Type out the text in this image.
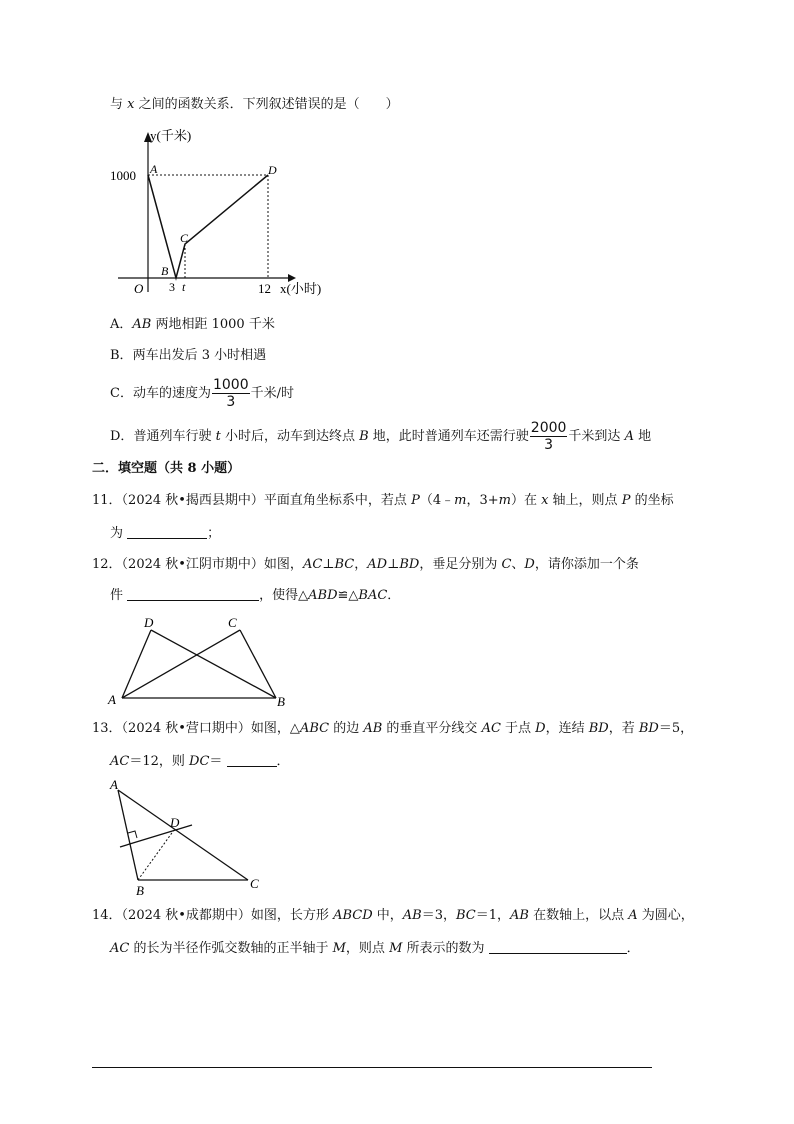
与 x 之间的函数关系．下列叙述错误的是（　　）
y(千米)
x(小时)
1000
O 3 t	12
A
B
C
D
A．AB 两地相距 1000 千米
B．两车出发后 3 小时相遇
C．动车的速度为 $\frac{1000}{3}$ 千米/时
D．普通列车行驶 t 小时后，动车到达终点 B 地，此时普通列车还需行驶 $\frac{2000}{3}$ 千米到达 A 地
二．填空题（共 8 小题）
11．（2024 秋•揭西县期中）平面直角坐标系中，若点 P（4﹣m，3+m）在 x 轴上，则点 P 的坐标
为	；
12．（2024 秋•江阴市期中）如图，AC⊥BC，AD⊥BD，垂足分别为 C、D，请你添加一个条
件	，使得△ABD≌△BAC．
D	C
A	B
13．（2024 秋•营口期中）如图，△ABC 的边 AB 的垂直平分线交 AC 于点 D，连结 BD，若 BD＝5，
AC＝12，则 DC＝	．
A
D
B	C
14．（2024 秋•成都期中）如图，长方形 ABCD 中，AB＝3，BC＝1，AB 在数轴上，以点 A 为圆心，
AC 的长为半径作弧交数轴的正半轴于 M，则点 M 所表示的数为	．
